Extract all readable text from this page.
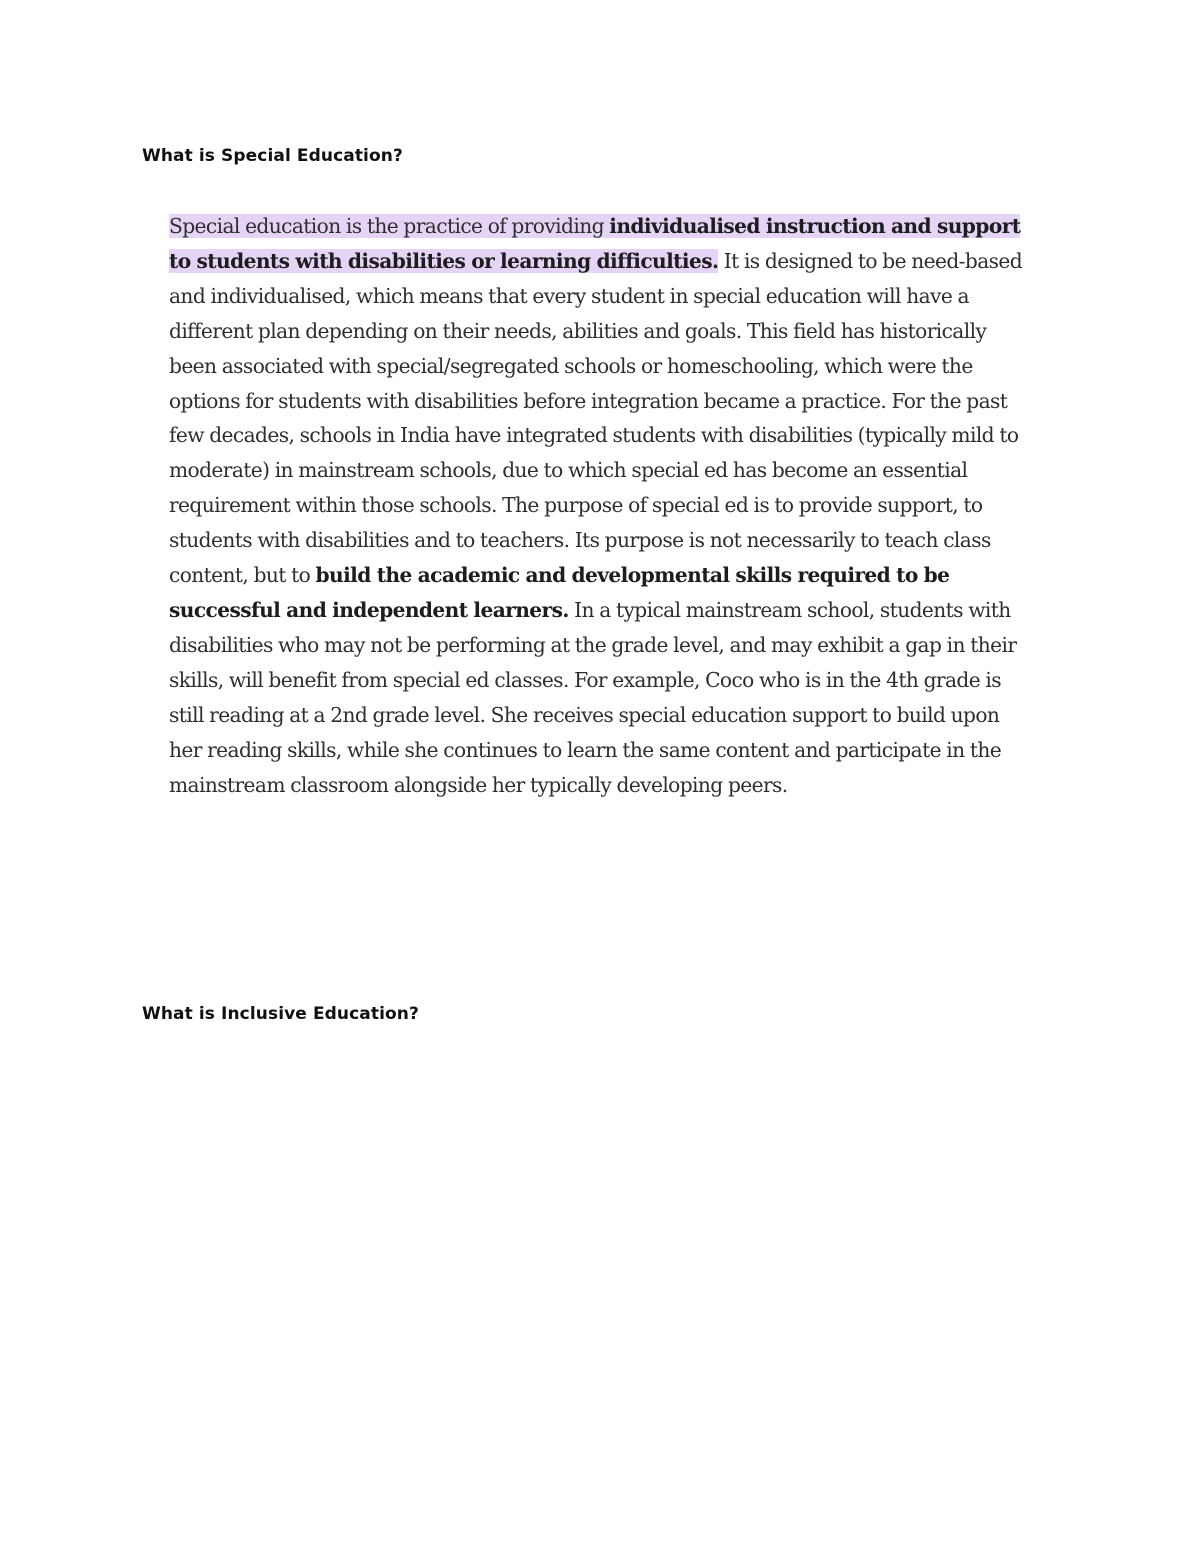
What is Special Education?

Special education is the practice of providing individualised instruction and support to students with disabilities or learning difficulties. It is designed to be need-based and individualised, which means that every student in special education will have a different plan depending on their needs, abilities and goals. This field has historically been associated with special/segregated schools or homeschooling, which were the options for students with disabilities before integration became a practice. For the past few decades, schools in India have integrated students with disabilities (typically mild to moderate) in mainstream schools, due to which special ed has become an essential requirement within those schools. The purpose of special ed is to provide support, to students with disabilities and to teachers. Its purpose is not necessarily to teach class content, but to build the academic and developmental skills required to be successful and independent learners. In a typical mainstream school, students with disabilities who may not be performing at the grade level, and may exhibit a gap in their skills, will benefit from special ed classes. For example, Coco who is in the 4th grade is still reading at a 2nd grade level. She receives special education support to build upon her reading skills, while she continues to learn the same content and participate in the mainstream classroom alongside her typically developing peers.

What is Inclusive Education?
